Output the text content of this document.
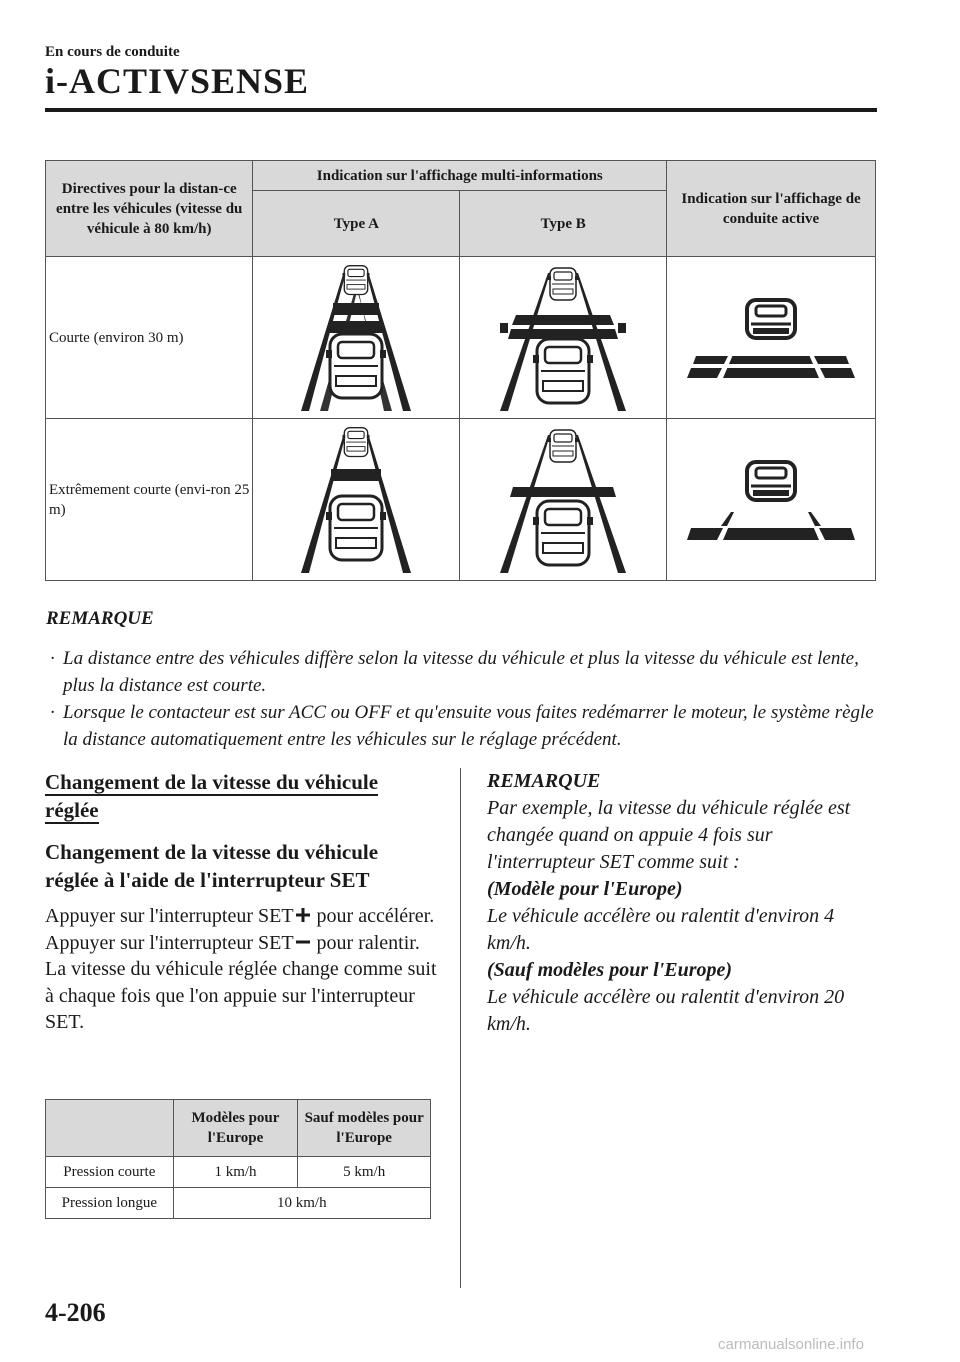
En cours de conduite
i-ACTIVSENSE
Directives pour la distan-ce entre les véhicules (vitesse du véhicule à 80 km/h)	Indication sur l'affichage multi-informations		Indication sur l'affichage de conduite active
	Type A	Type B	
Courte (environ 30 m)	

Extrêmement courte (envi-ron 25 m)	

REMARQUE
· La distance entre des véhicules diffère selon la vitesse du véhicule et plus la vitesse du véhicule est lente, plus la distance est courte.
· Lorsque le contacteur est sur ACC ou OFF et qu'ensuite vous faites redémarrer le moteur, le système règle la distance automatiquement entre les véhicules sur le réglage précédent.
Changement de la vitesse du véhicule réglée
Changement de la vitesse du véhicule réglée à l'aide de l'interrupteur SET
Appuyer sur l'interrupteur SET pour accélérer.
Appuyer sur l'interrupteur SET pour ralentir.
La vitesse du véhicule réglée change comme suit à chaque fois que l'on appuie sur l'interrupteur SET.
	Modèles pour l'Europe	Sauf modèles pour l'Europe
Pression courte	1 km/h	5 km/h
Pression longue	10 km/h	
REMARQUE
Par exemple, la vitesse du véhicule réglée est changée quand on appuie 4 fois sur l'interrupteur SET comme suit :
(Modèle pour l'Europe)
Le véhicule accélère ou ralentit d'environ 4 km/h.
(Sauf modèles pour l'Europe)
Le véhicule accélère ou ralentit d'environ 20 km/h.
4-206
carmanualsonline.info
